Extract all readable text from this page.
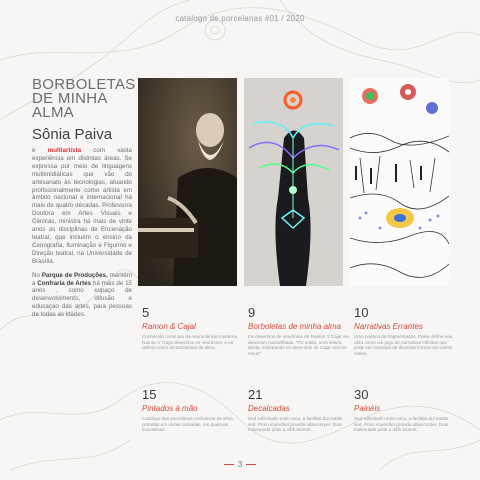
catalogo de porcelanas #01 / 2020
BORBOLETAS
DE MINHA
ALMA
Sônia Paiva

é multiartista com vasta experiência em distintas áreas. Se expressa por meio de linguagens multimidiáticas que vão do artesanato às tecnologias, atuando profissionalmente como artista em âmbito nacional e internacional há mais de quatro décadas. Professora Doutora em Artes Visuais e Cênicas, ministra há mais de vinte anos as disciplinas de Encenação teatral, que incluem o ensino da Cenografia, Iluminação e Figurino e Direção teatral, na Universidade de Brasília.

No Parque de Produções, mantém a Confraria de Artes há mais de 15 anos , como espaço de desenvolvimento, difusão e educaçao das artes, para pessoas de todas as idades.	5
Ramon & Cajal

Conhecido como pai da neurociência moderna Ramon Y Cajal desenhou os neurônios, e os definiu como as borboletas da alma.

9
Borboletas de minha alma

Os desenhos de neurônios de Ramon Y Cajal me deixaram maravilhada. "Fiz então, uma leitura direta, misturando os desenhos de Cajal com os meus"

10
Narrativas Errantes

Uma poética da fragmentação. Paiva define sua obra como um jogo de narrativas infinitas que pode ser montada de diversas formas em vários meios.

15
Pintados à mão

Catálogo das porcelanas exclusivas da série, pintadas em várias camadas, em queimas sucessivas.

21
Decalcadas

Sed sollicitudin enim arcu, a facilisis dui mattis sed. Proin imperdiet gravida ullamcorper. Duis malesuada justo a nibh laoreet.

30
Painéis

Sed sollicitudin enim arcu, a facilisis dui mattis sed. Proin imperdiet gravida ullamcorper. Duis malesuada justo a nibh laoreet.

3
